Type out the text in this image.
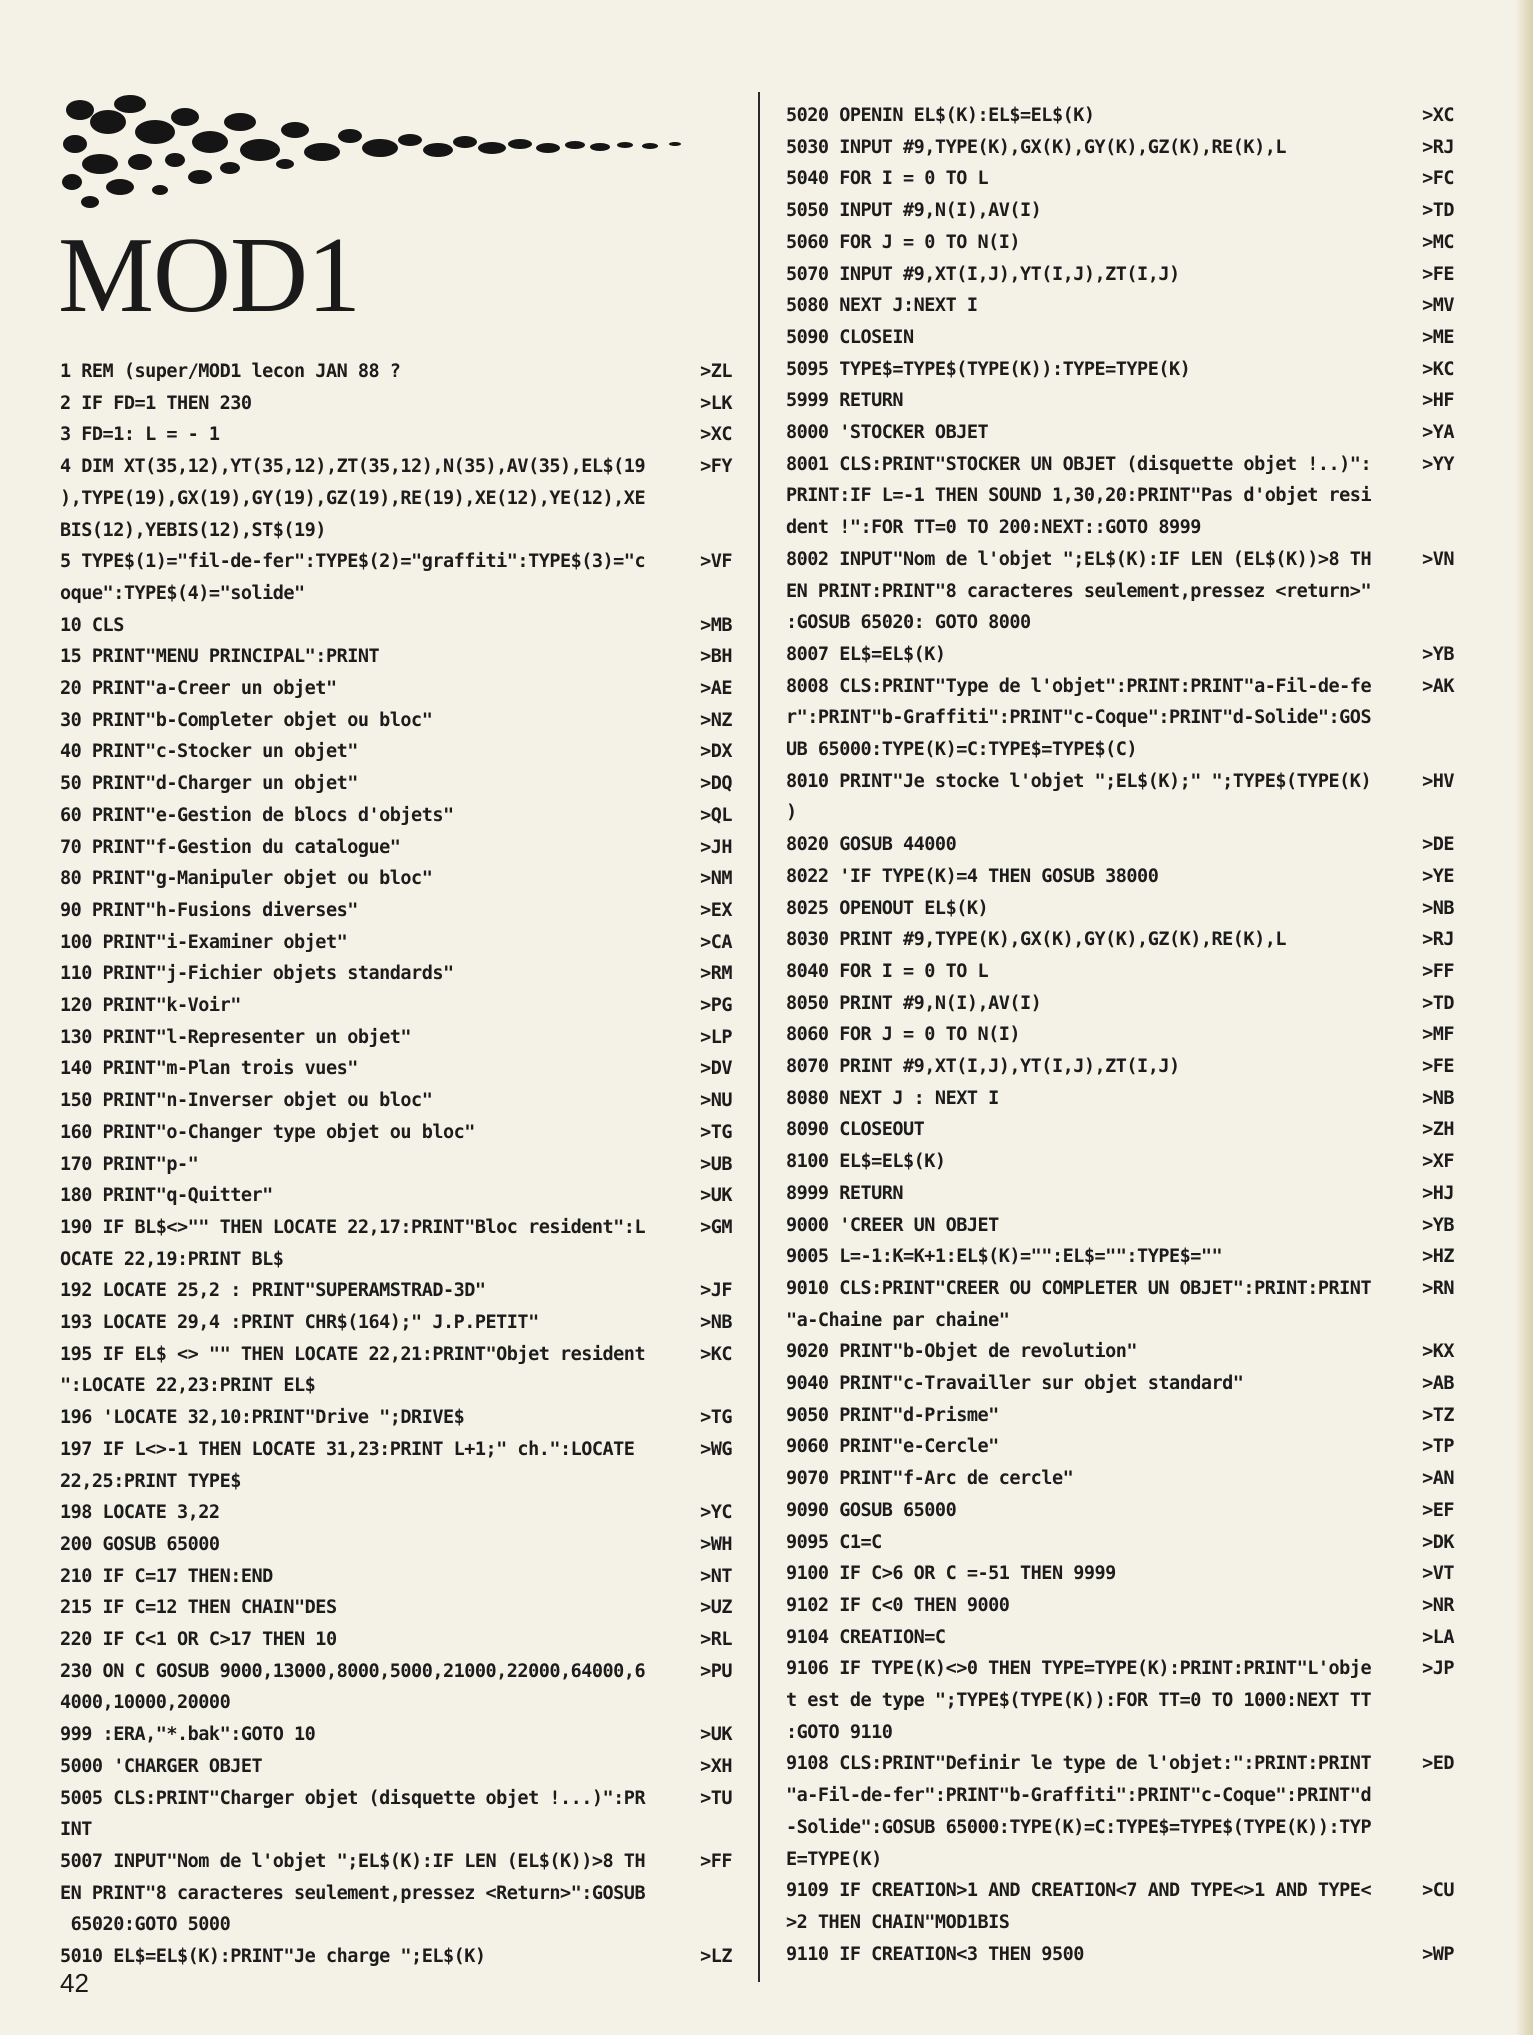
MOD1
1 REM (super/MOD1 lecon JAN 88 ?	>ZL
2 IF FD=1 THEN 230	>LK
3 FD=1: L = - 1	>XC
4 DIM XT(35,12),YT(35,12),ZT(35,12),N(35),AV(35),EL$(19	>FY
),TYPE(19),GX(19),GY(19),GZ(19),RE(19),XE(12),YE(12),XE
BIS(12),YEBIS(12),ST$(19)
5 TYPE$(1)="fil-de-fer":TYPE$(2)="graffiti":TYPE$(3)="c	>VF
oque":TYPE$(4)="solide"
10 CLS	>MB
15 PRINT"MENU PRINCIPAL":PRINT	>BH
20 PRINT"a-Creer un objet"	>AE
30 PRINT"b-Completer objet ou bloc"	>NZ
40 PRINT"c-Stocker un objet"	>DX
50 PRINT"d-Charger un objet"	>DQ
60 PRINT"e-Gestion de blocs d'objets"	>QL
70 PRINT"f-Gestion du catalogue"	>JH
80 PRINT"g-Manipuler objet ou bloc"	>NM
90 PRINT"h-Fusions diverses"	>EX
100 PRINT"i-Examiner objet"	>CA
110 PRINT"j-Fichier objets standards"	>RM
120 PRINT"k-Voir"	>PG
130 PRINT"l-Representer un objet"	>LP
140 PRINT"m-Plan trois vues"	>DV
150 PRINT"n-Inverser objet ou bloc"	>NU
160 PRINT"o-Changer type objet ou bloc"	>TG
170 PRINT"p-"	>UB
180 PRINT"q-Quitter"	>UK
190 IF BL$<>"" THEN LOCATE 22,17:PRINT"Bloc resident":L	>GM
OCATE 22,19:PRINT BL$
192 LOCATE 25,2 : PRINT"SUPERAMSTRAD-3D"	>JF
193 LOCATE 29,4 :PRINT CHR$(164);" J.P.PETIT"	>NB
195 IF EL$ <> "" THEN LOCATE 22,21:PRINT"Objet resident	>KC
":LOCATE 22,23:PRINT EL$
196 'LOCATE 32,10:PRINT"Drive ";DRIVE$	>TG
197 IF L<>-1 THEN LOCATE 31,23:PRINT L+1;" ch.":LOCATE	>WG
22,25:PRINT TYPE$
198 LOCATE 3,22	>YC
200 GOSUB 65000	>WH
210 IF C=17 THEN:END	>NT
215 IF C=12 THEN CHAIN"DES	>UZ
220 IF C<1 OR C>17 THEN 10	>RL
230 ON C GOSUB 9000,13000,8000,5000,21000,22000,64000,6	>PU
4000,10000,20000
999 :ERA,"*.bak":GOTO 10	>UK
5000 'CHARGER OBJET	>XH
5005 CLS:PRINT"Charger objet (disquette objet !...)":PR	>TU
INT
5007 INPUT"Nom de l'objet ";EL$(K):IF LEN (EL$(K))>8 TH	>FF
EN PRINT"8 caracteres seulement,pressez <Return>":GOSUB
65020:GOTO 5000
5010 EL$=EL$(K):PRINT"Je charge ";EL$(K)	>LZ
5020 OPENIN EL$(K):EL$=EL$(K)	>XC
5030 INPUT #9,TYPE(K),GX(K),GY(K),GZ(K),RE(K),L	>RJ
5040 FOR I = 0 TO L	>FC
5050 INPUT #9,N(I),AV(I)	>TD
5060 FOR J = 0 TO N(I)	>MC
5070 INPUT #9,XT(I,J),YT(I,J),ZT(I,J)	>FE
5080 NEXT J:NEXT I	>MV
5090 CLOSEIN	>ME
5095 TYPE$=TYPE$(TYPE(K)):TYPE=TYPE(K)	>KC
5999 RETURN	>HF
8000 'STOCKER OBJET	>YA
8001 CLS:PRINT"STOCKER UN OBJET (disquette objet !..)":	>YY
PRINT:IF L=-1 THEN SOUND 1,30,20:PRINT"Pas d'objet resi
dent !":FOR TT=0 TO 200:NEXT::GOTO 8999
8002 INPUT"Nom de l'objet ";EL$(K):IF LEN (EL$(K))>8 TH	>VN
EN PRINT:PRINT"8 caracteres seulement,pressez <return>"
:GOSUB 65020: GOTO 8000
8007 EL$=EL$(K)	>YB
8008 CLS:PRINT"Type de l'objet":PRINT:PRINT"a-Fil-de-fe	>AK
r":PRINT"b-Graffiti":PRINT"c-Coque":PRINT"d-Solide":GOS
UB 65000:TYPE(K)=C:TYPE$=TYPE$(C)
8010 PRINT"Je stocke l'objet ";EL$(K);" ";TYPE$(TYPE(K)	>HV
)
8020 GOSUB 44000	>DE
8022 'IF TYPE(K)=4 THEN GOSUB 38000	>YE
8025 OPENOUT EL$(K)	>NB
8030 PRINT #9,TYPE(K),GX(K),GY(K),GZ(K),RE(K),L	>RJ
8040 FOR I = 0 TO L	>FF
8050 PRINT #9,N(I),AV(I)	>TD
8060 FOR J = 0 TO N(I)	>MF
8070 PRINT #9,XT(I,J),YT(I,J),ZT(I,J)	>FE
8080 NEXT J : NEXT I	>NB
8090 CLOSEOUT	>ZH
8100 EL$=EL$(K)	>XF
8999 RETURN	>HJ
9000 'CREER UN OBJET	>YB
9005 L=-1:K=K+1:EL$(K)="":EL$="":TYPE$=""	>HZ
9010 CLS:PRINT"CREER OU COMPLETER UN OBJET":PRINT:PRINT	>RN
"a-Chaine par chaine"
9020 PRINT"b-Objet de revolution"	>KX
9040 PRINT"c-Travailler sur objet standard"	>AB
9050 PRINT"d-Prisme"	>TZ
9060 PRINT"e-Cercle"	>TP
9070 PRINT"f-Arc de cercle"	>AN
9090 GOSUB 65000	>EF
9095 C1=C	>DK
9100 IF C>6 OR C =-51 THEN 9999	>VT
9102 IF C<0 THEN 9000	>NR
9104 CREATION=C	>LA
9106 IF TYPE(K)<>0 THEN TYPE=TYPE(K):PRINT:PRINT"L'obje	>JP
t est de type ";TYPE$(TYPE(K)):FOR TT=0 TO 1000:NEXT TT
:GOTO 9110
9108 CLS:PRINT"Definir le type de l'objet:":PRINT:PRINT	>ED
"a-Fil-de-fer":PRINT"b-Graffiti":PRINT"c-Coque":PRINT"d
-Solide":GOSUB 65000:TYPE(K)=C:TYPE$=TYPE$(TYPE(K)):TYP
E=TYPE(K)
9109 IF CREATION>1 AND CREATION<7 AND TYPE<>1 AND TYPE<	>CU
>2 THEN CHAIN"MOD1BIS
9110 IF CREATION<3 THEN 9500	>WP
42
